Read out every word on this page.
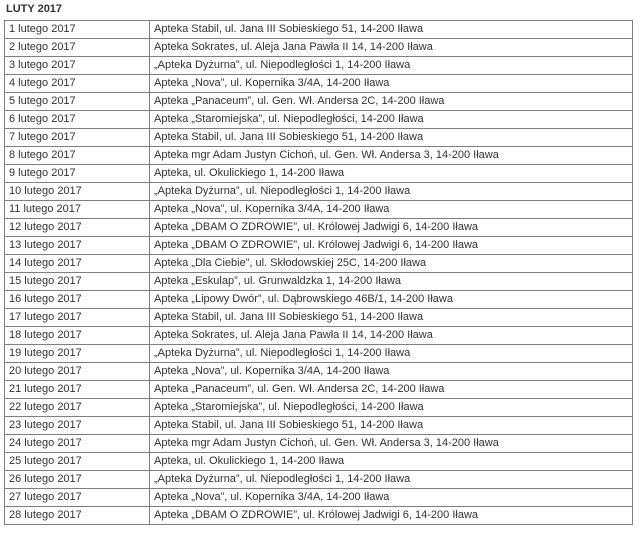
LUTY 2017
1 lutego 2017	Apteka Stabil, ul. Jana III Sobieskiego 51, 14-200 Iława
2 lutego 2017	Apteka Sokrates, ul. Aleja Jana Pawła II 14, 14-200 Iława
3 lutego 2017	„Apteka Dyżurna”, ul. Niepodległości 1, 14-200 Iława
4 lutego 2017	Apteka „Nova”, ul. Kopernika 3/4A, 14-200 Iława
5 lutego 2017	Apteka „Panaceum”, ul. Gen. Wł. Andersa 2C, 14-200 Iława
6 lutego 2017	Apteka „Staromiejska”, ul. Niepodległości, 14-200 Iława
7 lutego 2017	Apteka Stabil, ul. Jana III Sobieskiego 51, 14-200 Iława
8 lutego 2017	Apteka mgr Adam Justyn Cichoń, ul. Gen. Wł. Andersa 3, 14-200 Iława
9 lutego 2017	Apteka, ul. Okulickiego 1, 14-200 Iława
10 lutego 2017	„Apteka Dyżurna”, ul. Niepodległości 1, 14-200 Iława
11 lutego 2017	Apteka „Nova”, ul. Kopernika 3/4A, 14-200 Iława
12 lutego 2017	Apteka „DBAM O ZDROWIE”, ul. Królowej Jadwigi 6, 14-200 Iława
13 lutego 2017	Apteka „DBAM O ZDROWIE”, ul. Królowej Jadwigi 6, 14-200 Iława
14 lutego 2017	Apteka „Dla Ciebie”, ul. Skłodowskiej 25C, 14-200 Iława
15 lutego 2017	Apteka „Eskulap”, ul. Grunwaldzka 1, 14-200 Iława
16 lutego 2017	Apteka „Lipowy Dwór”, ul. Dąbrowskiego 46B/1, 14-200 Iława
17 lutego 2017	Apteka Stabil, ul. Jana III Sobieskiego 51, 14-200 Iława
18 lutego 2017	Apteka Sokrates, ul. Aleja Jana Pawła II 14, 14-200 Iława
19 lutego 2017	„Apteka Dyżurna”, ul. Niepodległości 1, 14-200 Iława
20 lutego 2017	Apteka „Nova”, ul. Kopernika 3/4A, 14-200 Iława
21 lutego 2017	Apteka „Panaceum”, ul. Gen. Wł. Andersa 2C, 14-200 Iława
22 lutego 2017	Apteka „Staromiejska”, ul. Niepodległości, 14-200 Iława
23 lutego 2017	Apteka Stabil, ul. Jana III Sobieskiego 51, 14-200 Iława
24 lutego 2017	Apteka mgr Adam Justyn Cichoń, ul. Gen. Wł. Andersa 3, 14-200 Iława
25 lutego 2017	Apteka, ul. Okulickiego 1, 14-200 Iława
26 lutego 2017	„Apteka Dyżurna”, ul. Niepodległości 1, 14-200 Iława
27 lutego 2017	Apteka „Nova”, ul. Kopernika 3/4A, 14-200 Iława
28 lutego 2017	Apteka „DBAM O ZDROWIE”, ul. Królowej Jadwigi 6, 14-200 Iława
